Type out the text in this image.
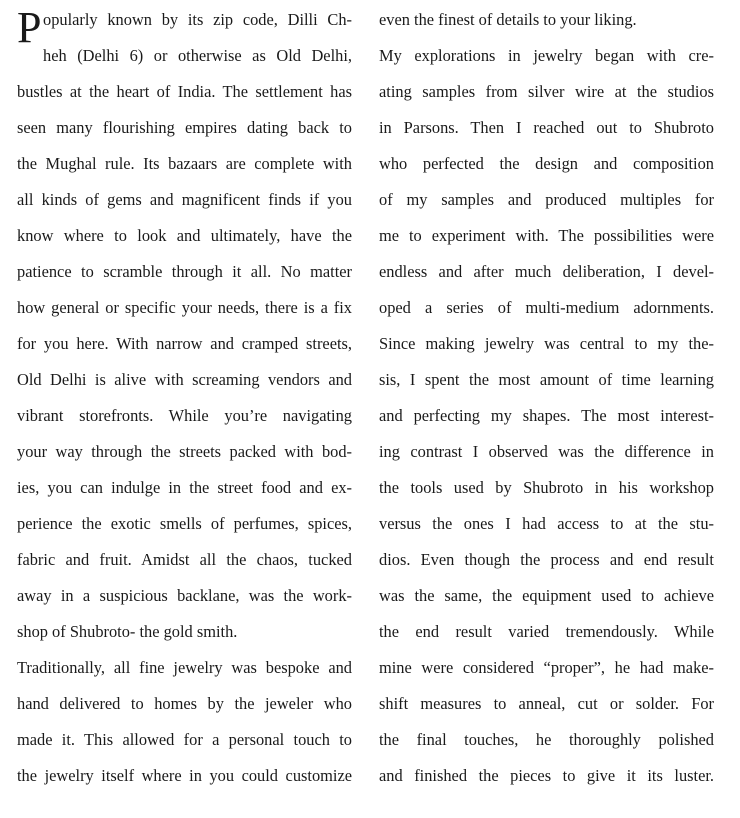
P opularly known by its zip code, Dilli Ch-
heh (Delhi 6) or otherwise as Old Delhi,
bustles at the heart of India. The settlement has
seen many flourishing empires dating back to
the Mughal rule. Its bazaars are complete with
all kinds of gems and magnificent finds if you
know where to look and ultimately, have the
patience to scramble through it all. No matter
how general or specific your needs, there is a fix
for you here. With narrow and cramped streets,
Old Delhi is alive with screaming vendors and
vibrant storefronts. While you’re navigating
your way through the streets packed with bod-
ies, you can indulge in the street food and ex-
perience the exotic smells of perfumes, spices,
fabric and fruit. Amidst all the chaos, tucked
away in a suspicious backlane, was the work-
shop of Shubroto- the gold smith.
Traditionally, all fine jewelry was bespoke and
hand delivered to homes by the jeweler who
made it. This allowed for a personal touch to
the jewelry itself where in you could customize
even the finest of details to your liking.
My explorations in jewelry began with cre-
ating samples from silver wire at the studios
in Parsons. Then I reached out to Shubroto
who perfected the design and composition
of my samples and produced multiples for
me to experiment with. The possibilities were
endless and after much deliberation, I devel-
oped a series of multi-medium adornments.
Since making jewelry was central to my the-
sis, I spent the most amount of time learning
and perfecting my shapes. The most interest-
ing contrast I observed was the difference in
the tools used by Shubroto in his workshop
versus the ones I had access to at the stu-
dios. Even though the process and end result
was the same, the equipment used to achieve
the end result varied tremendously. While
mine were considered “proper”, he had make-
shift measures to anneal, cut or solder. For
the final touches, he thoroughly polished
and finished the pieces to give it its luster.
